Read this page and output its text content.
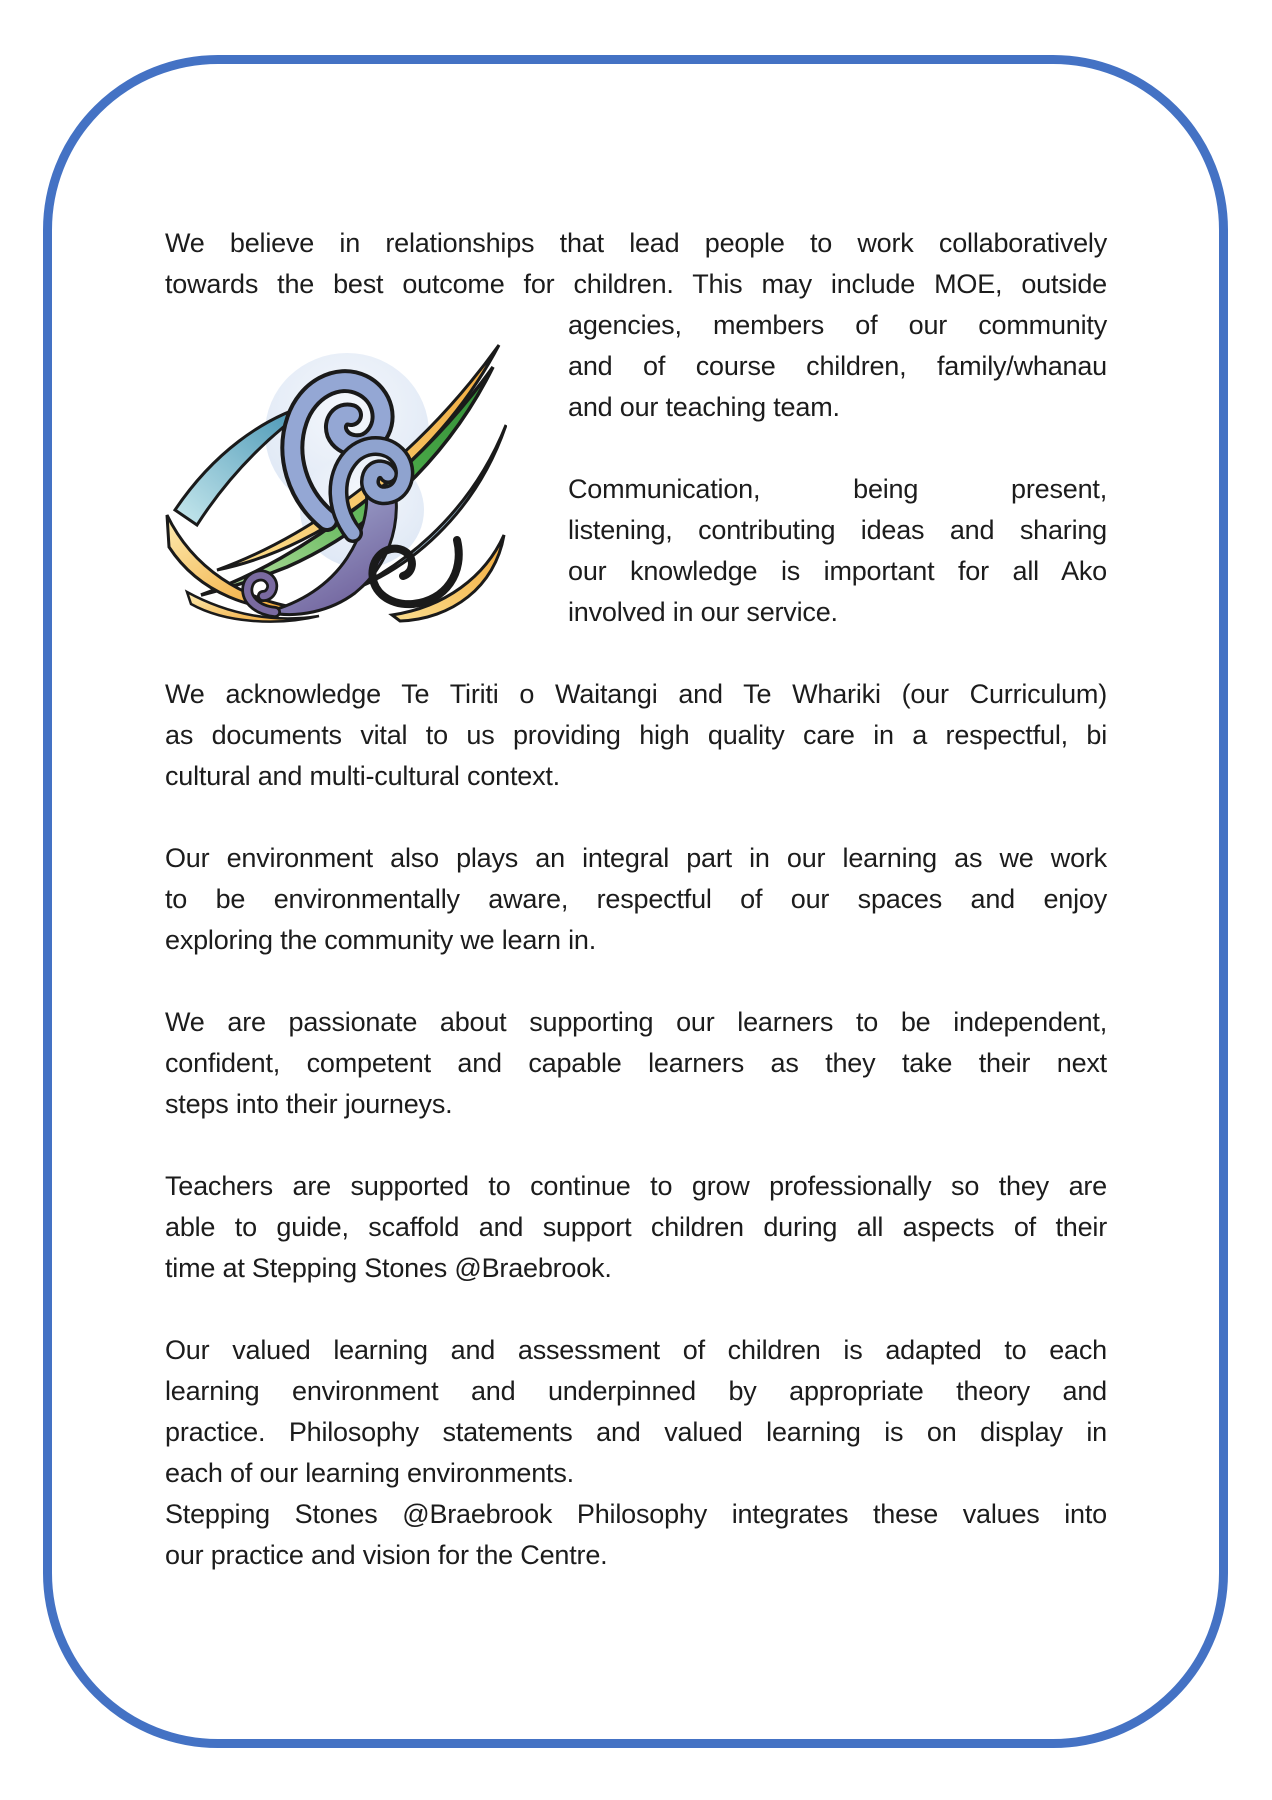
We believe in relationships that lead people to work collaboratively
towards the best outcome for children. This may include MOE, outside
agencies, members of our community
and of course children, family/whanau
and our teaching team.
Communication, being present,
listening, contributing ideas and sharing
our knowledge is important for all Ako
involved in our service.
We acknowledge Te Tiriti o Waitangi and Te Whariki (our Curriculum)
as documents vital to us providing high quality care in a respectful, bi
cultural and multi-cultural context.
Our environment also plays an integral part in our learning as we work
to be environmentally aware, respectful of our spaces and enjoy
exploring the community we learn in.
We are passionate about supporting our learners to be independent,
confident, competent and capable learners as they take their next
steps into their journeys.
Teachers are supported to continue to grow professionally so they are
able to guide, scaffold and support children during all aspects of their
time at Stepping Stones @Braebrook.
Our valued learning and assessment of children is adapted to each
learning environment and underpinned by appropriate theory and
practice. Philosophy statements and valued learning is on display in
each of our learning environments.
Stepping Stones @Braebrook Philosophy integrates these values into
our practice and vision for the Centre.
